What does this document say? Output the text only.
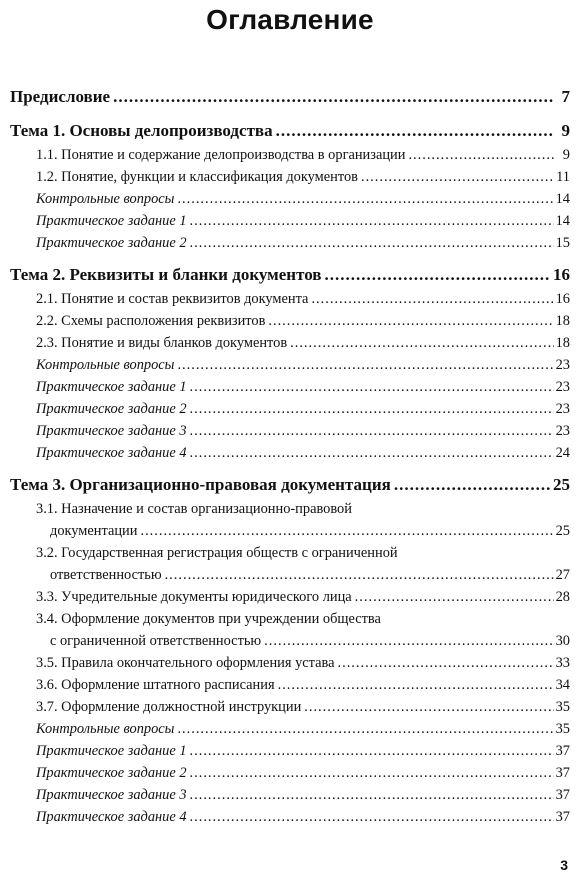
Оглавление
Предисловие .....	7
Тема 1. Основы делопроизводства .....	9
1.1. Понятие и содержание делопроизводства в организации .....	9
1.2. Понятие, функции и классификация документов .....	11
Контрольные вопросы .....	14
Практическое задание 1 .....	14
Практическое задание 2 .....	15
Тема 2. Реквизиты и бланки документов .....	16
2.1. Понятие и состав реквизитов документа .....	16
2.2. Схемы расположения реквизитов .....	18
2.3. Понятие и виды бланков документов .....	18
Контрольные вопросы .....	23
Практическое задание 1 .....	23
Практическое задание 2 .....	23
Практическое задание 3 .....	23
Практическое задание 4 .....	24
Тема 3. Организационно-правовая документация .....	25
3.1. Назначение и состав организационно-правовой
документации .....	25
3.2. Государственная регистрация обществ с ограниченной
ответственностью .....	27
3.3. Учредительные документы юридического лица .....	28
3.4. Оформление документов при учреждении общества
с ограниченной ответственностью .....	30
3.5. Правила окончательного оформления устава .....	33
3.6. Оформление штатного расписания .....	34
3.7. Оформление должностной инструкции .....	35
Контрольные вопросы .....	35
Практическое задание 1 .....	37
Практическое задание 2 .....	37
Практическое задание 3 .....	37
Практическое задание 4 .....	37
3
